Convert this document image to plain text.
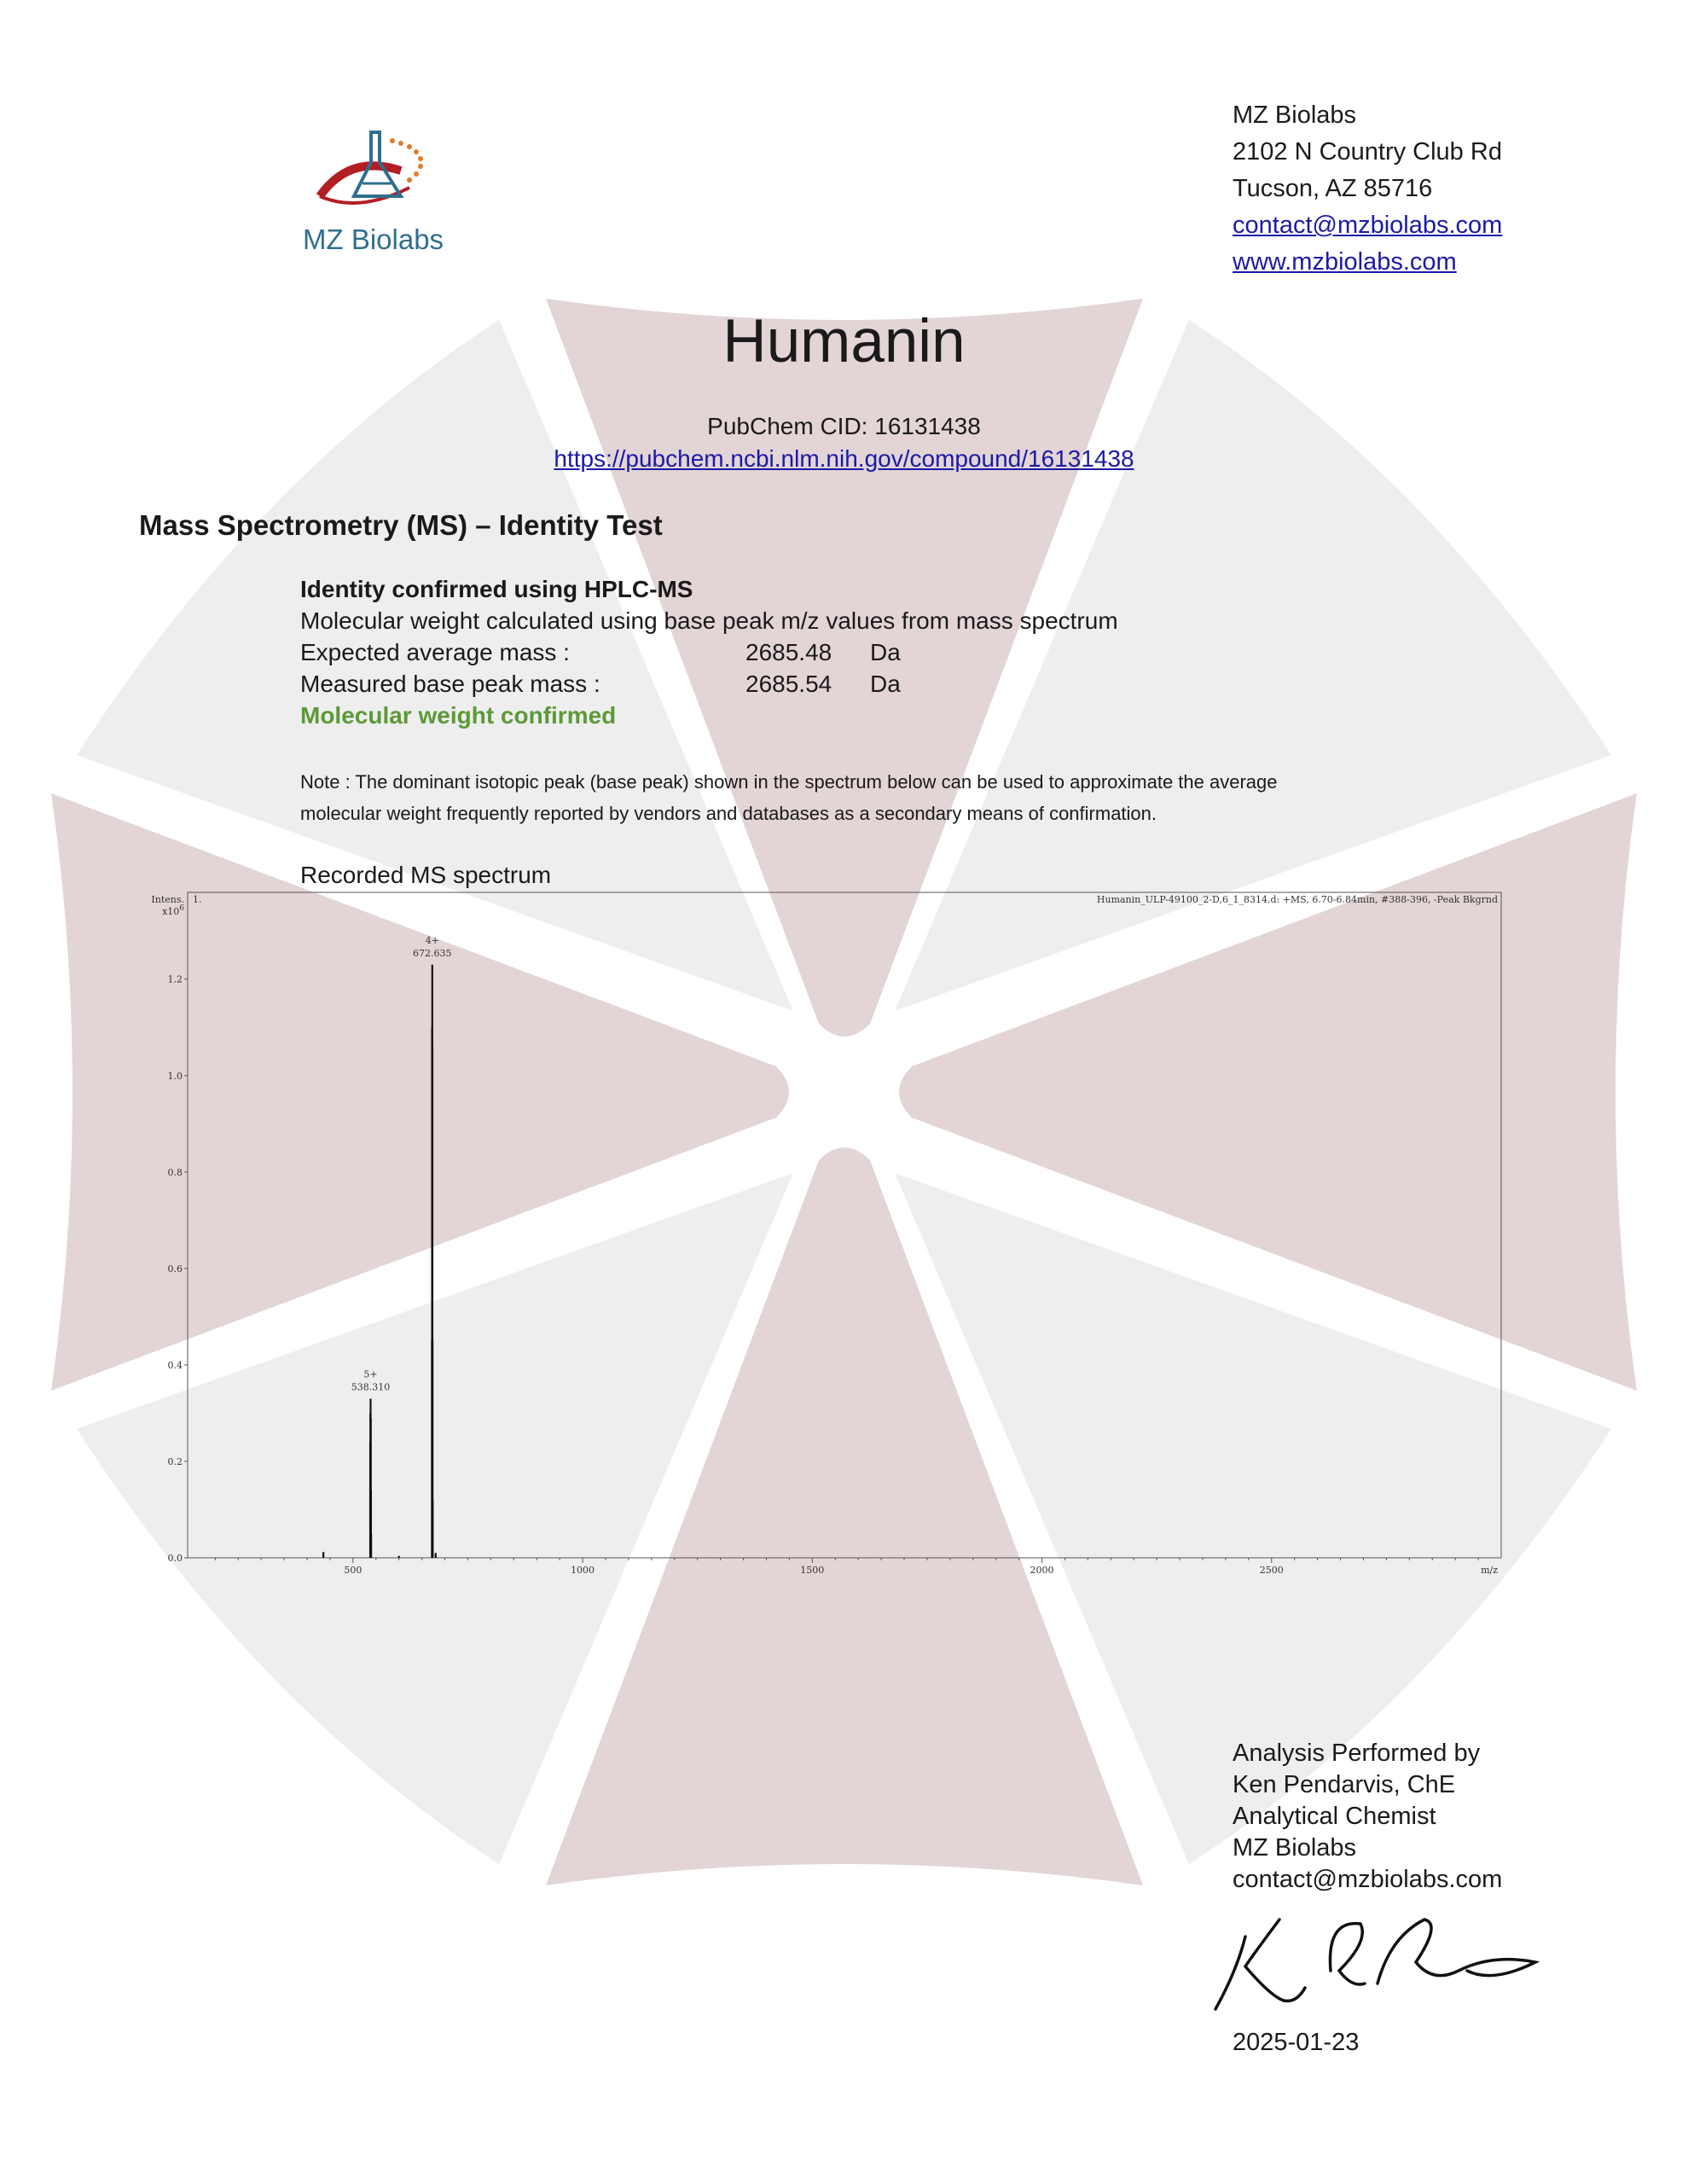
MZ Biolabs
MZ Biolabs
2102 N Country Club Rd
Tucson, AZ 85716
contact@mzbiolabs.com
www.mzbiolabs.com
Humanin
PubChem CID: 16131438
https://pubchem.ncbi.nlm.nih.gov/compound/16131438
Mass Spectrometry (MS) – Identity Test
Identity confirmed using HPLC-MS
Molecular weight calculated using base peak m/z values from mass spectrum
Expected average mass :	2685.48 Da
Measured base peak mass :	2685.54 Da
Molecular weight confirmed
Note : The dominant isotopic peak (base peak) shown in the spectrum below can be used to approximate the average
molecular weight frequently reported by vendors and databases as a secondary means of confirmation.
Recorded MS spectrum
1.	Humanin_ULP-49100_2-D,6_1_8314.d: +MS, 6.70-6.84min, #388-396, -Peak Bkgrnd
Intens.
$x10^6$
0.0
0.2
0.4
0.6
0.8
1.0
1.2
500	1000	1500	2000	2500	m/z
5+
538.310
4+
672.635
Analysis Performed by
Ken Pendarvis, ChE
Analytical Chemist
MZ Biolabs
contact@mzbiolabs.com
2025-01-23
